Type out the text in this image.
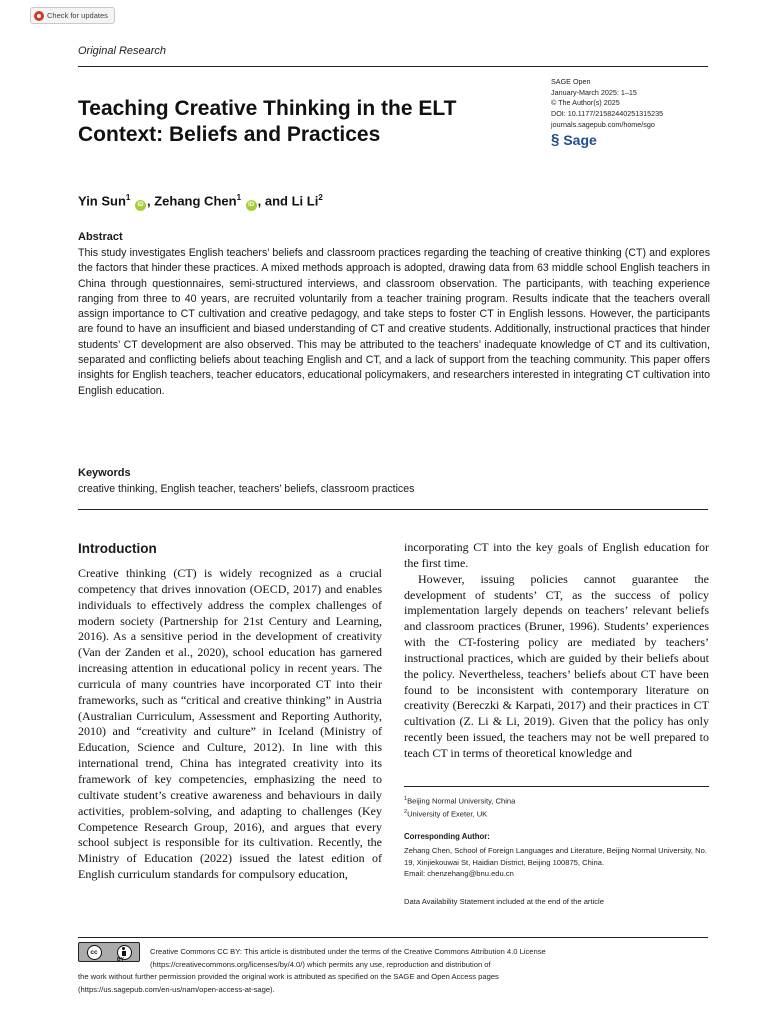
Check for updates
Original Research
Teaching Creative Thinking in the ELT Context: Beliefs and Practices
SAGE Open
January-March 2025: 1–15
© The Author(s) 2025
DOI: 10.1177/21582440251315235
journals.sagepub.com/home/sgo
§ Sage
Yin Sun$^1$ iD , Zehang Chen$^1$ iD , and Li Li$^2$
Abstract

This study investigates English teachers’ beliefs and classroom practices regarding the teaching of creative thinking (CT) and explores the factors that hinder these practices. A mixed methods approach is adopted, drawing data from 63 middle school English teachers in China through questionnaires, semi-structured interviews, and classroom observation. The participants, with teaching experience ranging from three to 40 years, are recruited voluntarily from a teacher training program. Results indicate that the teachers overall assign importance to CT cultivation and creative pedagogy, and take steps to foster CT in English lessons. However, the participants are found to have an insufficient and biased understanding of CT and creative students. Additionally, instructional practices that hinder students’ CT development are also observed. This may be attributed to the teachers’ inadequate knowledge of CT and its cultivation, separated and conflicting beliefs about teaching English and CT, and a lack of support from the teaching community. This paper offers insights for English teachers, teacher educators, educational policymakers, and researchers interested in integrating CT cultivation into English education.

Keywords
creative thinking, English teacher, teachers’ beliefs, classroom practices
Introduction

Creative thinking (CT) is widely recognized as a crucial competency that drives innovation (OECD, 2017) and enables individuals to effectively address the complex challenges of modern society (Partnership for 21st Century and Learning, 2016). As a sensitive period in the development of creativity (Van der Zanden et al., 2020), school education has garnered increasing attention in educational policy in recent years. The curricula of many countries have incorporated CT into their frameworks, such as “critical and creative thinking” in Austria (Australian Curriculum, Assessment and Reporting Authority, 2010) and “creativity and culture” in Iceland (Ministry of Education, Science and Culture, 2012). In line with this international trend, China has integrated creativity into its framework of key competencies, emphasizing the need to cultivate student’s creative awareness and behaviours in daily activities, problem-solving, and adapting to challenges (Key Competence Research Group, 2016), and argues that every school subject is responsible for its cultivation. Recently, the Ministry of Education (2022) issued the latest edition of English curriculum standards for compulsory education,

incorporating CT into the key goals of English education for the first time.

However, issuing policies cannot guarantee the development of students’ CT, as the success of policy implementation largely depends on teachers’ relevant beliefs and classroom practices (Bruner, 1996). Students’ experiences with the CT-fostering policy are mediated by teachers’ instructional practices, which are guided by their beliefs about the policy. Nevertheless, teachers’ beliefs about CT have been found to be inconsistent with contemporary literature on creativity (Bereczki & Karpati, 2017) and their practices in CT cultivation (Z. Li & Li, 2019). Given that the policy has only recently been issued, the teachers may not be well prepared to teach CT in terms of theoretical knowledge and

$^1$Beijing Normal University, China
$^2$University of Exeter, UK
Corresponding Author:
Zehang Chen, School of Foreign Languages and Literature, Beijing Normal University, No. 19, Xinjiekouwai St, Haidian District, Beijing 100875, China.
Email: chenzehang@bnu.edu.cn
Data Availability Statement included at the end of the article
cc
BY
Creative Commons CC BY: This article is distributed under the terms of the Creative Commons Attribution 4.0 License
(https://creativecommons.org/licenses/by/4.0/) which permits any use, reproduction and distribution of
the work without further permission provided the original work is attributed as specified on the SAGE and Open Access pages
(https://us.sagepub.com/en-us/nam/open-access-at-sage).
